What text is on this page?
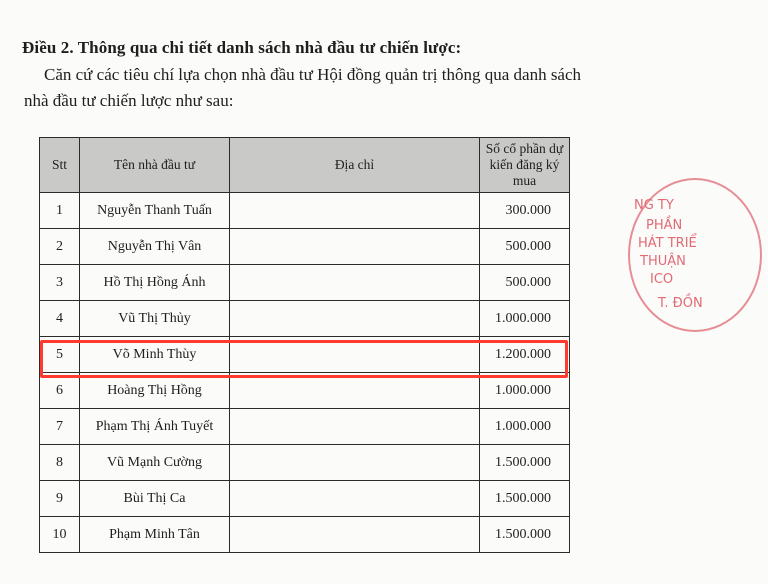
Điều 2. Thông qua chi tiết danh sách nhà đầu tư chiến lược:
Căn cứ các tiêu chí lựa chọn nhà đầu tư Hội đồng quản trị thông qua danh sách
nhà đầu tư chiến lược như sau:
Stt	Tên nhà đầu tư	Địa chỉ	Số cổ phần dự kiến đăng ký mua
1	Nguyễn Thanh Tuấn		300.000
2	Nguyễn Thị Vân		500.000
3	Hồ Thị Hồng Ánh		500.000
4	Vũ Thị Thủy		1.000.000
5	Võ Minh Thùy		1.200.000
6	Hoàng Thị Hồng		1.000.000
7	Phạm Thị Ánh Tuyết		1.000.000
8	Vũ Mạnh Cường		1.500.000
9	Bùi Thị Ca		1.500.000
10	Phạm Minh Tân		1.500.000
NG TY
PHẦN
HÁT TRIỂ
THUẬN
ICO
T. ĐỒN
